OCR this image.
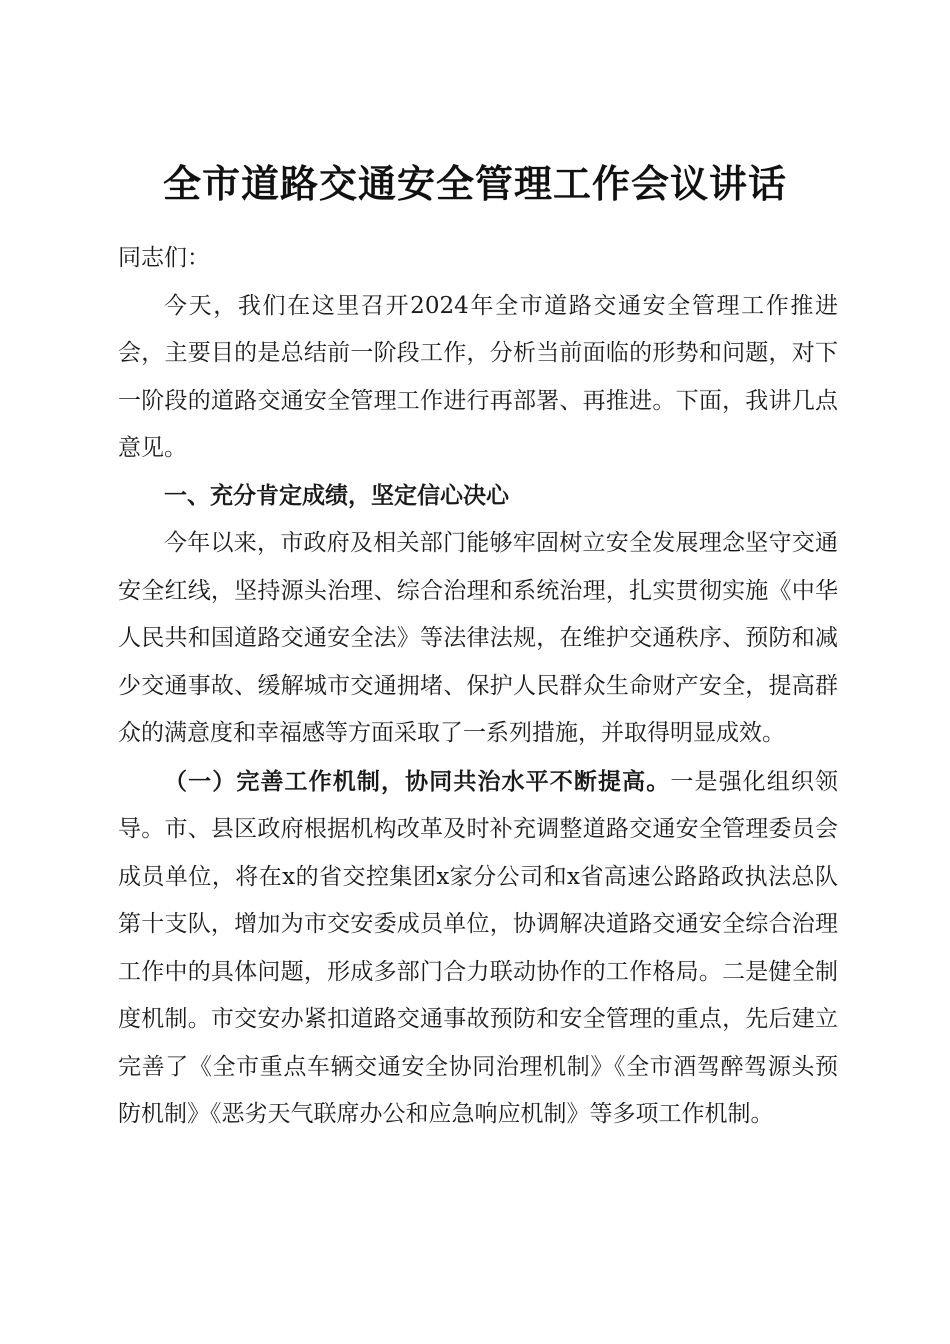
全市道路交通安全管理工作会议讲话

同志们：

今天，我们在这里召开2024年全市道路交通安全管理工作推进会，主要目的是总结前一阶段工作，分析当前面临的形势和问题，对下一阶段的道路交通安全管理工作进行再部署、再推进。下面，我讲几点意见。

一、充分肯定成绩，坚定信心决心

今年以来，市政府及相关部门能够牢固树立安全发展理念坚守交通安全红线，坚持源头治理、综合治理和系统治理，扎实贯彻实施《中华人民共和国道路交通安全法》等法律法规，在维护交通秩序、预防和减少交通事故、缓解城市交通拥堵、保护人民群众生命财产安全，提高群众的满意度和幸福感等方面采取了一系列措施，并取得明显成效。

（一）完善工作机制，协同共治水平不断提高。一是强化组织领导。市、县区政府根据机构改革及时补充调整道路交通安全管理委员会成员单位，将在x的省交控集团x家分公司和x省高速公路路政执法总队第十支队，增加为市交安委成员单位，协调解决道路交通安全综合治理工作中的具体问题，形成多部门合力联动协作的工作格局。二是健全制度机制。市交安办紧扣道路交通事故预防和安全管理的重点，先后建立完善了《全市重点车辆交通安全协同治理机制》《全市酒驾醉驾源头预防机制》《恶劣天气联席办公和应急响应机制》等多项工作机制。
